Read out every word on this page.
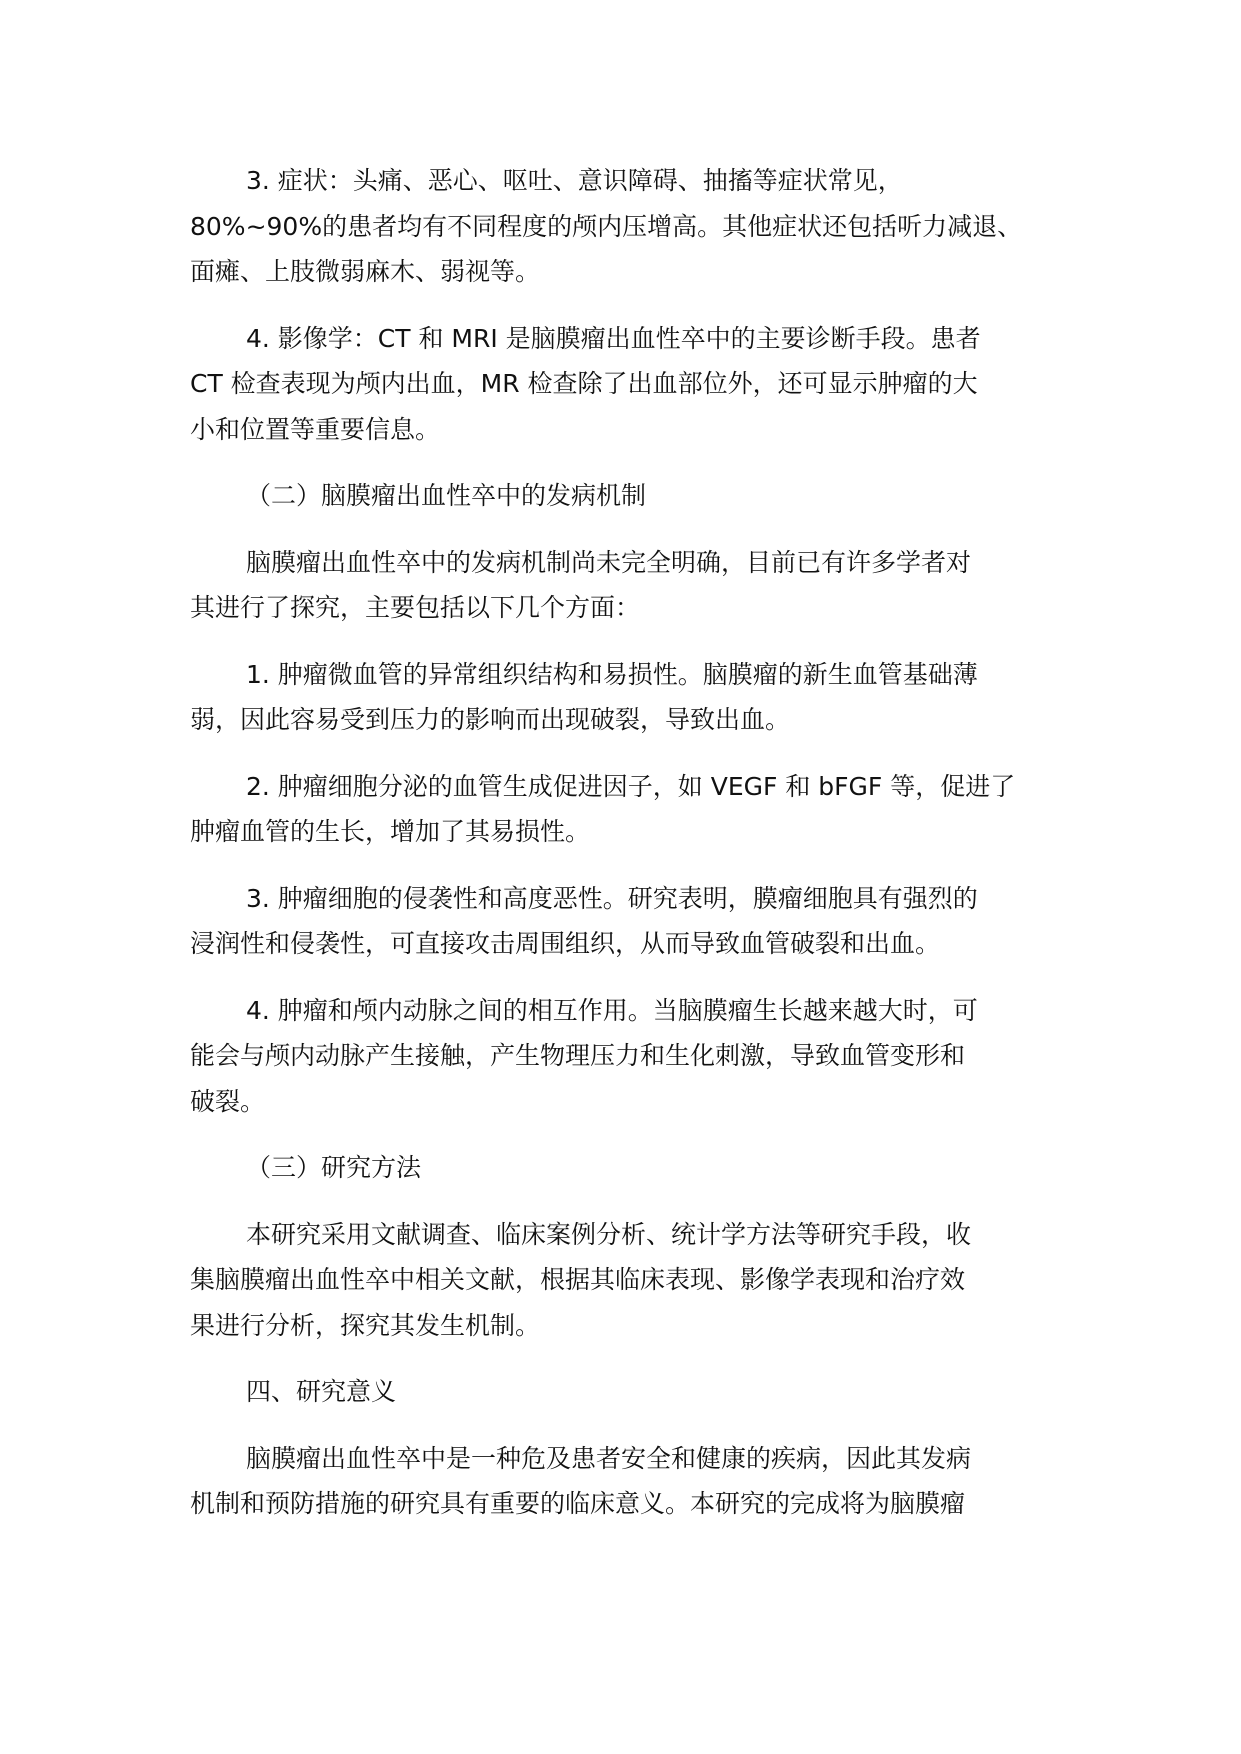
3. 症状：头痛、恶心、呕吐、意识障碍、抽搐等症状常见，
80%~90%的患者均有不同程度的颅内压增高。其他症状还包括听力减退、
面瘫、上肢微弱麻木、弱视等。

4. 影像学：CT 和 MRI 是脑膜瘤出血性卒中的主要诊断手段。患者
CT 检查表现为颅内出血，MR 检查除了出血部位外，还可显示肿瘤的大
小和位置等重要信息。

（二）脑膜瘤出血性卒中的发病机制

脑膜瘤出血性卒中的发病机制尚未完全明确，目前已有许多学者对
其进行了探究，主要包括以下几个方面：

1. 肿瘤微血管的异常组织结构和易损性。脑膜瘤的新生血管基础薄
弱，因此容易受到压力的影响而出现破裂，导致出血。

2. 肿瘤细胞分泌的血管生成促进因子，如 VEGF 和 bFGF 等，促进了
肿瘤血管的生长，增加了其易损性。

3. 肿瘤细胞的侵袭性和高度恶性。研究表明，膜瘤细胞具有强烈的
浸润性和侵袭性，可直接攻击周围组织，从而导致血管破裂和出血。

4. 肿瘤和颅内动脉之间的相互作用。当脑膜瘤生长越来越大时，可
能会与颅内动脉产生接触，产生物理压力和生化刺激，导致血管变形和
破裂。

（三）研究方法

本研究采用文献调查、临床案例分析、统计学方法等研究手段，收
集脑膜瘤出血性卒中相关文献，根据其临床表现、影像学表现和治疗效
果进行分析，探究其发生机制。

四、研究意义

脑膜瘤出血性卒中是一种危及患者安全和健康的疾病，因此其发病
机制和预防措施的研究具有重要的临床意义。本研究的完成将为脑膜瘤
